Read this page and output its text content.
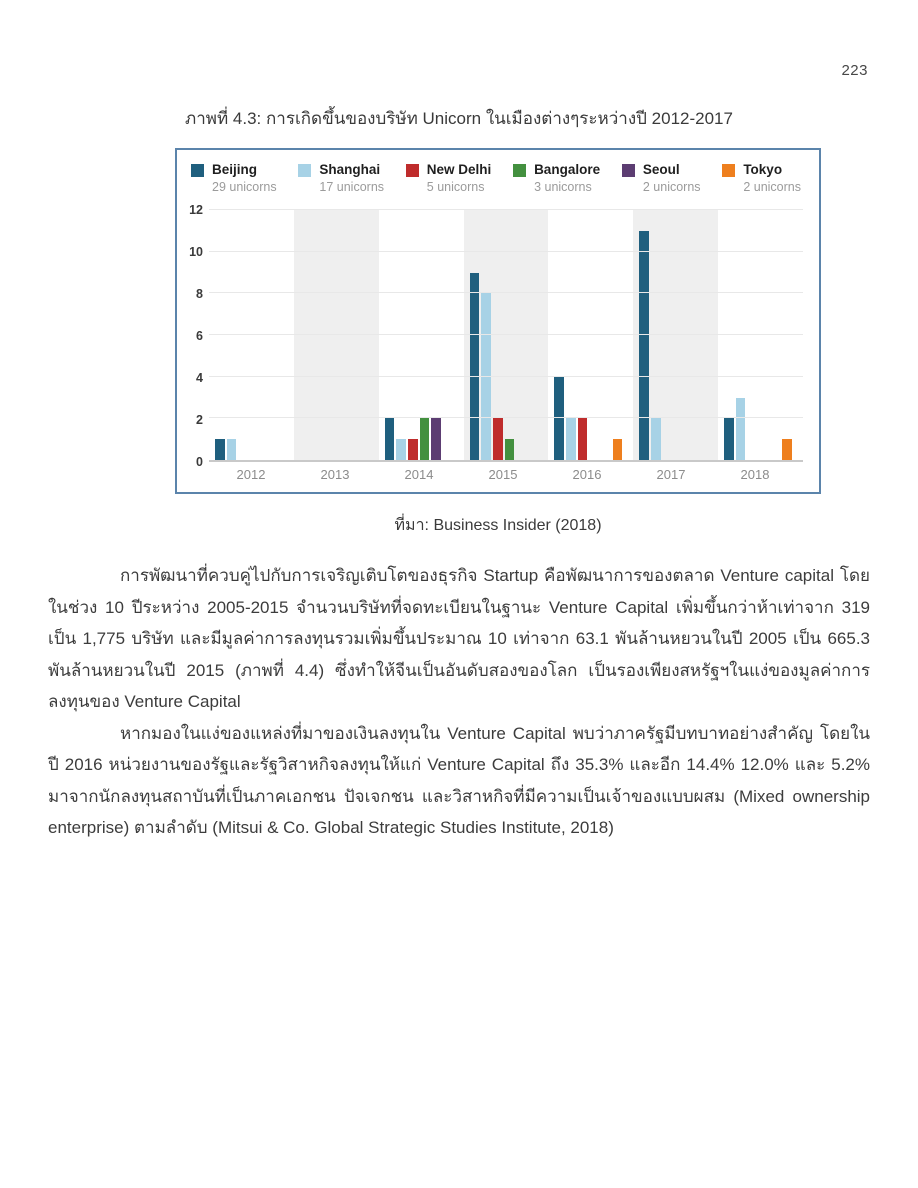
223
ภาพที่ 4.3: การเกิดขึ้นของบริษัท Unicorn ในเมืองต่างๆระหว่างปี 2012-2017
Beijing
29 unicorns
Shanghai
17 unicorns
New Delhi
5 unicorns
Bangalore
3 unicorns
Seoul
2 unicorns
Tokyo
2 unicorns
0
2
4
6
8
10
12
2012	2013	2014	2015	2016	2017	2018
ที่มา: Business Insider (2018)

การพัฒนาที่ควบคู่ไปกับการเจริญเติบโตของธุรกิจ Startup คือพัฒนาการของตลาด Venture capital โดยในช่วง 10 ปีระหว่าง 2005-2015 จำนวนบริษัทที่จดทะเบียนในฐานะ Venture Capital เพิ่มขึ้นกว่าห้าเท่าจาก 319 เป็น 1,775 บริษัท และมีมูลค่าการลงทุนรวมเพิ่มขึ้นประมาณ 10 เท่าจาก 63.1 พันล้านหยวนในปี 2005 เป็น 665.3 พันล้านหยวนในปี 2015 (ภาพที่ 4.4) ซึ่งทำให้จีนเป็นอันดับสองของโลก เป็นรองเพียงสหรัฐฯในแง่ของมูลค่าการลงทุนของ Venture Capital

หากมองในแง่ของแหล่งที่มาของเงินลงทุนใน Venture Capital พบว่าภาครัฐมีบทบาทอย่างสำคัญ โดยในปี 2016 หน่วยงานของรัฐและรัฐวิสาหกิจลงทุนให้แก่ Venture Capital ถึง 35.3% และอีก 14.4% 12.0% และ 5.2% มาจากนักลงทุนสถาบันที่เป็นภาคเอกชน ปัจเจกชน และวิสาหกิจที่มีความเป็นเจ้าของแบบผสม (Mixed ownership enterprise) ตามลำดับ (Mitsui & Co. Global Strategic Studies Institute, 2018)
